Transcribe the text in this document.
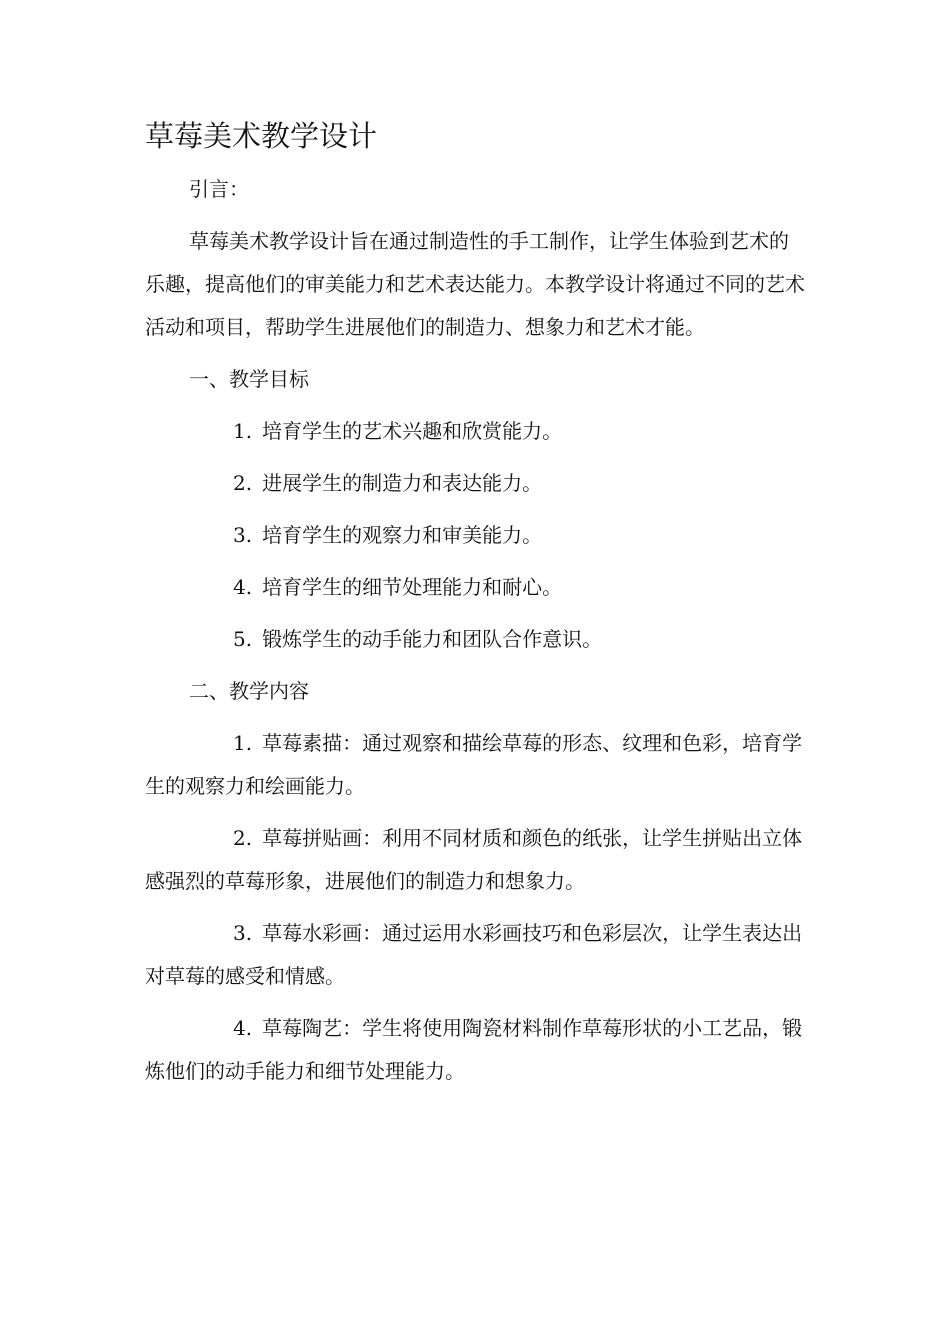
草莓美术教学设计

引言：

草莓美术教学设计旨在通过制造性的手工制作，让学生体验到艺术的乐趣，提高他们的审美能力和艺术表达能力。本教学设计将通过不同的艺术活动和项目，帮助学生进展他们的制造力、想象力和艺术才能。

一、教学目标

1. 培育学生的艺术兴趣和欣赏能力。

2. 进展学生的制造力和表达能力。

3. 培育学生的观察力和审美能力。

4. 培育学生的细节处理能力和耐心。

5. 锻炼学生的动手能力和团队合作意识。

二、教学内容

1. 草莓素描：通过观察和描绘草莓的形态、纹理和色彩，培育学生的观察力和绘画能力。

2. 草莓拼贴画：利用不同材质和颜色的纸张，让学生拼贴出立体感强烈的草莓形象，进展他们的制造力和想象力。

3. 草莓水彩画：通过运用水彩画技巧和色彩层次，让学生表达出对草莓的感受和情感。

4. 草莓陶艺：学生将使用陶瓷材料制作草莓形状的小工艺品，锻炼他们的动手能力和细节处理能力。
